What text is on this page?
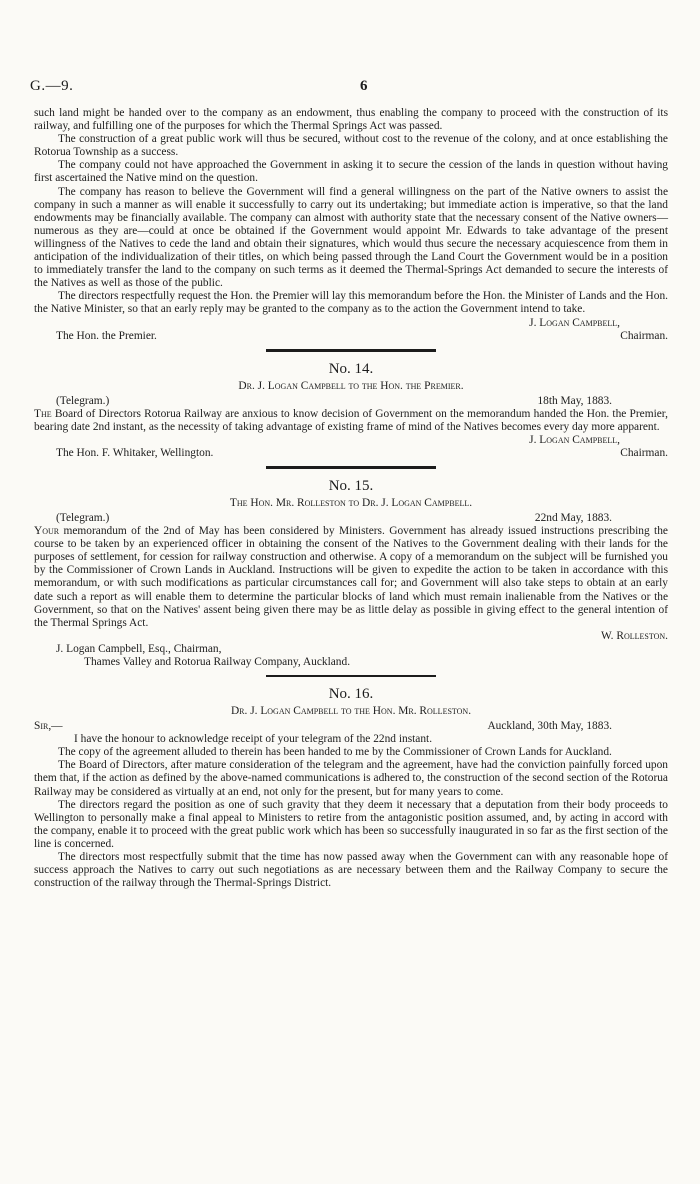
G.—9.	6

such land might be handed over to the company as an endowment, thus enabling the company to proceed with the construction of its railway, and fulfilling one of the purposes for which the Thermal Springs Act was passed.

The construction of a great public work will thus be secured, without cost to the revenue of the colony, and at once establishing the Rotorua Township as a success.

The company could not have approached the Government in asking it to secure the cession of the lands in question without having first ascertained the Native mind on the question.

The company has reason to believe the Government will find a general willingness on the part of the Native owners to assist the company in such a manner as will enable it successfully to carry out its undertaking; but immediate action is imperative, so that the land endowments may be financially available. The company can almost with authority state that the necessary consent of the Native owners—numerous as they are—could at once be obtained if the Government would appoint Mr. Edwards to take advantage of the present willingness of the Natives to cede the land and obtain their signatures, which would thus secure the necessary acquiescence from them in anticipation of the individualization of their titles, on which being passed through the Land Court the Government would be in a position to immediately transfer the land to the company on such terms as it deemed the Thermal-Springs Act demanded to secure the interests of the Natives as well as those of the public.

The directors respectfully request the Hon. the Premier will lay this memorandum before the Hon. the Minister of Lands and the Hon. the Native Minister, so that an early reply may be granted to the company as to the action the Government intend to take.

J. Logan Campbell,
The Hon. the Premier.	Chairman.
No. 14.
Dr. J. Logan Campbell to the Hon. the Premier.
(Telegram.)	18th May, 1883.

The Board of Directors Rotorua Railway are anxious to know decision of Government on the memorandum handed the Hon. the Premier, bearing date 2nd instant, as the necessity of taking advantage of existing frame of mind of the Natives becomes every day more apparent.

J. Logan Campbell,
The Hon. F. Whitaker, Wellington.	Chairman.
No. 15.
The Hon. Mr. Rolleston to Dr. J. Logan Campbell.
(Telegram.)	22nd May, 1883.

Your memorandum of the 2nd of May has been considered by Ministers. Government has already issued instructions prescribing the course to be taken by an experienced officer in obtaining the consent of the Natives to the Government dealing with their lands for the purposes of settlement, for cession for railway construction and otherwise. A copy of a memorandum on the subject will be furnished you by the Commissioner of Crown Lands in Auckland. Instructions will be given to expedite the action to be taken in accordance with this memorandum, or with such modifications as particular circumstances call for; and Government will also take steps to obtain at an early date such a report as will enable them to determine the particular blocks of land which must remain inalienable from the Natives or the Government, so that on the Natives' assent being given there may be as little delay as possible in giving effect to the general intention of the Thermal Springs Act.

W. Rolleston.
J. Logan Campbell, Esq., Chairman,
Thames Valley and Rotorua Railway Company, Auckland.
No. 16.
Dr. J. Logan Campbell to the Hon. Mr. Rolleston.
Sir,—	Auckland, 30th May, 1883.

I have the honour to acknowledge receipt of your telegram of the 22nd instant.

The copy of the agreement alluded to therein has been handed to me by the Commissioner of Crown Lands for Auckland.

The Board of Directors, after mature consideration of the telegram and the agreement, have had the conviction painfully forced upon them that, if the action as defined by the above-named communications is adhered to, the construction of the second section of the Rotorua Railway may be considered as virtually at an end, not only for the present, but for many years to come.

The directors regard the position as one of such gravity that they deem it necessary that a deputation from their body proceeds to Wellington to personally make a final appeal to Ministers to retire from the antagonistic position assumed, and, by acting in accord with the company, enable it to proceed with the great public work which has been so successfully inaugurated in so far as the first section of the line is concerned.

The directors most respectfully submit that the time has now passed away when the Government can with any reasonable hope of success approach the Natives to carry out such negotiations as are necessary between them and the Railway Company to secure the construction of the railway through the Thermal-Springs District.
